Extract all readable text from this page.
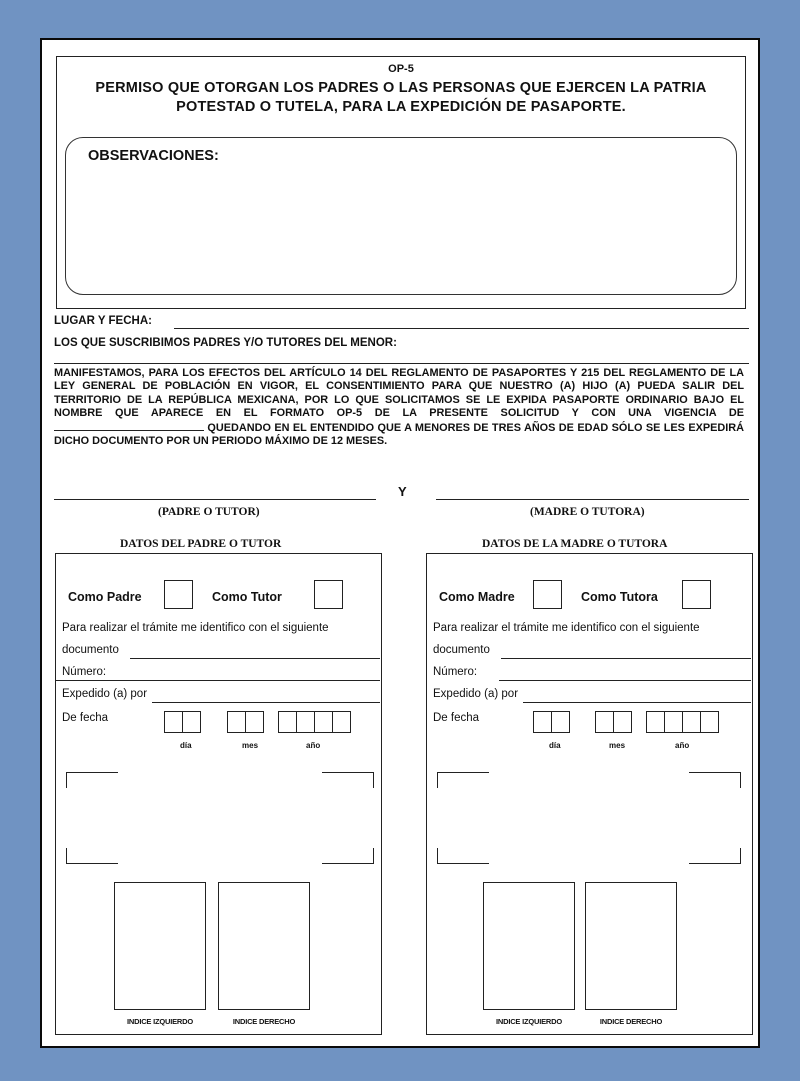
OP-5
PERMISO QUE OTORGAN LOS PADRES O LAS PERSONAS QUE EJERCEN LA PATRIA
POTESTAD O TUTELA, PARA LA EXPEDICIÓN DE PASAPORTE.
OBSERVACIONES:
LUGAR Y FECHA:
LOS QUE SUSCRIBIMOS PADRES Y/O TUTORES DEL MENOR:
MANIFESTAMOS, PARA LOS EFECTOS DEL ARTÍCULO 14 DEL REGLAMENTO DE PASAPORTES Y 215 DEL REGLAMENTO DE LA LEY GENERAL DE POBLACIÓN EN VIGOR, EL CONSENTIMIENTO PARA QUE NUESTRO (A) HIJO (A) PUEDA SALIR DEL TERRITORIO DE LA REPÚBLICA MEXICANA, POR LO QUE SOLICITAMOS SE LE EXPIDA PASAPORTE ORDINARIO BAJO EL NOMBRE QUE APARECE EN EL FORMATO OP-5 DE LA PRESENTE SOLICITUD Y CON UNA VIGENCIA DE  QUEDANDO EN EL ENTENDIDO QUE A MENORES DE TRES AÑOS DE EDAD SÓLO SE LES EXPEDIRÁ DICHO DOCUMENTO POR UN PERIODO MÁXIMO DE 12 MESES.
Y
(PADRE O TUTOR)	(MADRE O TUTORA)
DATOS DEL PADRE O TUTOR	DATOS DE LA MADRE O TUTORA
Como Padre	Como Tutor
Para realizar el trámite me identifico con el siguiente
documento
Número:
Expedido (a) por
De fecha
día	mes	año
INDICE IZQUIERDO	INDICE DERECHO
Como Madre	Como Tutora
Para realizar el trámite me identifico con el siguiente
documento
Número:
Expedido (a) por
De fecha
día	mes	año
INDICE IZQUIERDO	INDICE DERECHO
